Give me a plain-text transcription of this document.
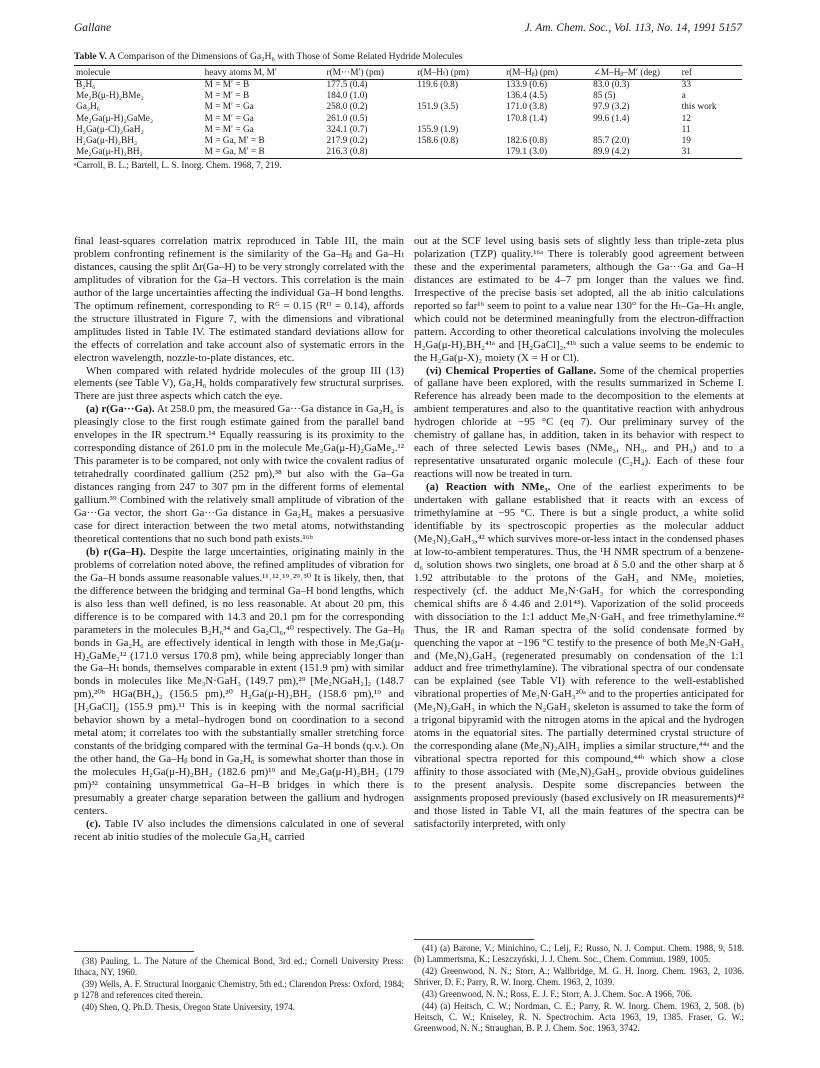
Gallane	J. Am. Chem. Soc., Vol. 113, No. 14, 1991 5157
Table V. A Comparison of the Dimensions of Ga₂H₆ with Those of Some Related Hydride Molecules
molecule	heavy atoms M, M′	r(M···M′) (pm)	r(M–Hₜ) (pm)	r(M–Hᵦ) (pm)	∠M–Hᵦ–M′ (deg)	ref
B₂H₆	M = M′ = B	177.5 (0.4)	119.6 (0.8)	133.9 (0.6)	83.0 (0.3)	33
Me₂B(μ-H)₂BMe₂	M = M′ = B	184.0 (1.0)		136.4 (4.5)	85 (5)	a
Ga₂H₆	M = M′ = Ga	258.0 (0.2)	151.9 (3.5)	171.0 (3.8)	97.9 (3.2)	this work
Me₂Ga(μ-H)₂GaMe₂	M = M′ = Ga	261.0 (0.5)		170.8 (1.4)	99.6 (1.4)	12
H₂Ga(μ-Cl)₂GaH₂	M = M′ = Ga	324.1 (0.7)	155.9 (1.9)			11
H₂Ga(μ-H)₂BH₂	M = Ga, M′ = B	217.9 (0.2)	158.6 (0.8)	182.6 (0.8)	85.7 (2.0)	19
Me₂Ga(μ-H)₂BH₂	M = Ga, M′ = B	216.3 (0.8)		179.1 (3.0)	89.9 (4.2)	31
ᵃCarroll, B. L.; Bartell, L. S. Inorg. Chem. 1968, 7, 219.

final least-squares correlation matrix reproduced in Table III, the main problem confronting refinement is the similarity of the Ga–Hᵦ and Ga–Hₜ distances, causing the split Δr(Ga–H) to be very strongly correlated with the amplitudes of vibration for the Ga–H vectors. This correlation is the main author of the large uncertainties affecting the individual Ga–H bond lengths. The optimum refinement, corresponding to Rᴳ = 0.15 (Rᴰ = 0.14), affords the structure illustrated in Figure 7, with the dimensions and vibrational amplitudes listed in Table IV. The estimated standard deviations allow for the effects of correlation and take account also of systematic errors in the electron wavelength, nozzle-to-plate distances, etc.

When compared with related hydride molecules of the group III (13) elements (see Table V), Ga₂H₆ holds comparatively few structural surprises. There are just three aspects which catch the eye.

(a) r(Ga···Ga). At 258.0 pm, the measured Ga···Ga distance in Ga₂H₆ is pleasingly close to the first rough estimate gained from the parallel band envelopes in the IR spectrum.¹⁴ Equally reassuring is its proximity to the corresponding distance of 261.0 pm in the molecule Me₂Ga(μ-H)₂GaMe₂.¹² This parameter is to be compared, not only with twice the covalent radius of tetrahedrally coordinated gallium (252 pm),³⁸ but also with the Ga–Ga distances ranging from 247 to 307 pm in the different forms of elemental gallium.³⁹ Combined with the relatively small amplitude of vibration of the Ga···Ga vector, the short Ga···Ga distance in Ga₂H₆ makes a persuasive case for direct interaction between the two metal atoms, notwithstanding theoretical contentions that no such bond path exists.¹⁶ᵇ

(b) r(Ga–H). Despite the large uncertainties, originating mainly in the problems of correlation noted above, the refined amplitudes of vibration for the Ga–H bonds assume reasonable values.¹¹˒¹²˒¹⁹˒²⁹˒³⁰ It is likely, then, that the difference between the bridging and terminal Ga–H bond lengths, which is also less than well defined, is no less reasonable. At about 20 pm, this difference is to be compared with 14.3 and 20.1 pm for the corresponding parameters in the molecules B₂H₆³⁴ and Ga₂Cl₆,⁴⁰ respectively. The Ga–Hᵦ bonds in Ga₂H₆ are effectively identical in length with those in Me₂Ga(μ-H)₂GaMe₂¹² (171.0 versus 170.8 pm), while being appreciably longer than the Ga–Hₜ bonds, themselves comparable in extent (151.9 pm) with similar bonds in molecules like Me₃N·GaH₃ (149.7 pm),²⁹ [Me₂NGaH₂]₂ (148.7 pm),²⁰ᵇ HGa(BH₄)₂ (156.5 pm),³⁰ H₂Ga(μ-H)₂BH₂ (158.6 pm),¹⁹ and [H₂GaCl]₂ (155.9 pm).¹¹ This is in keeping with the normal sacrificial behavior shown by a metal–hydrogen bond on coordination to a second metal atom; it correlates too with the substantially smaller stretching force constants of the bridging compared with the terminal Ga–H bonds (q.v.). On the other hand, the Ga–Hᵦ bond in Ga₂H₆ is somewhat shorter than those in the molecules H₂Ga(μ-H)₂BH₂ (182.6 pm)¹⁹ and Me₂Ga(μ-H)₂BH₂ (179 pm)³² containing unsymmetrical Ga–H–B bridges in which there is presumably a greater charge separation between the gallium and hydrogen centers.

(c). Table IV also includes the dimensions calculated in one of several recent ab initio studies of the molecule Ga₂H₆ carried

out at the SCF level using basis sets of slightly less than triple-zeta plus polarization (TZP) quality.¹⁶ᵃ There is tolerably good agreement between these and the experimental parameters, although the Ga···Ga and Ga–H distances are estimated to be 4–7 pm longer than the values we find. Irrespective of the precise basis set adopted, all the ab initio calculations reported so far¹⁶ seem to point to a value near 130° for the Hₜ–Ga–Hₜ angle, which could not be determined meaningfully from the electron-diffraction pattern. According to other theoretical calculations involving the molecules H₂Ga(μ-H)₂BH₂⁴¹ᵃ and [H₂GaCl]₂,⁴¹ᵇ such a value seems to be endemic to the H₂Ga(μ-X)₂ moiety (X = H or Cl).

(vi) Chemical Properties of Gallane. Some of the chemical properties of gallane have been explored, with the results summarized in Scheme I. Reference has already been made to the decomposition to the elements at ambient temperatures and also to the quantitative reaction with anhydrous hydrogen chloride at −95 °C (eq 7). Our preliminary survey of the chemistry of gallane has, in addition, taken in its behavior with respect to each of three selected Lewis bases (NMe₃, NH₃, and PH₃) and to a representative unsaturated organic molecule (C₂H₄). Each of these four reactions will now be treated in turn.

(a) Reaction with NMe₃. One of the earliest experiments to be undertaken with gallane established that it reacts with an excess of trimethylamine at −95 °C. There is but a single product, a white solid identifiable by its spectroscopic properties as the molecular adduct (Me₃N)₂GaH₃,⁴² which survives more-or-less intact in the condensed phases at low-to-ambient temperatures. Thus, the ¹H NMR spectrum of a benzene-d₆ solution shows two singlets, one broad at δ 5.0 and the other sharp at δ 1.92 attributable to the protons of the GaH₃ and NMe₃ moieties, respectively (cf. the adduct Me₃N·GaH₃ for which the corresponding chemical shifts are δ 4.46 and 2.01⁴³). Vaporization of the solid proceeds with dissociation to the 1:1 adduct Me₃N·GaH₃ and free trimethylamine.⁴² Thus, the IR and Raman spectra of the solid condensate formed by quenching the vapor at −196 °C testify to the presence of both Me₃N·GaH₃ and (Me₃N)₂GaH₃ (regenerated presumably on condensation of the 1:1 adduct and free trimethylamine). The vibrational spectra of our condensate can be explained (see Table VI) with reference to the well-established vibrational properties of Me₃N·GaH₃²⁰ᵃ and to the properties anticipated for (Me₃N)₂GaH₃ in which the N₂GaH₃ skeleton is assumed to take the form of a trigonal bipyramid with the nitrogen atoms in the apical and the hydrogen atoms in the equatorial sites. The partially determined crystal structure of the corresponding alane (Me₃N)₂AlH₃ implies a similar structure,⁴⁴ᵃ and the vibrational spectra reported for this compound,⁴⁴ᵇ which show a close affinity to those associated with (Me₃N)₂GaH₃, provide obvious guidelines to the present analysis. Despite some discrepancies between the assignments proposed previously (based exclusively on IR measurements)⁴² and those listed in Table VI, all the main features of the spectra can be satisfactorily interpreted, with only

(38) Pauling, L. The Nature of the Chemical Bond, 3rd ed.; Cornell University Press: Ithaca, NY, 1960.

(39) Wells, A. F. Structural Inorganic Chemistry, 5th ed.; Clarendon Press: Oxford, 1984; p 1278 and references cited therein.

(40) Shen, Q. Ph.D. Thesis, Oregon State University, 1974.

(41) (a) Barone, V.; Minichino, C.; Lelj, F.; Russo, N. J. Comput. Chem. 1988, 9, 518. (b) Lammertsma, K.; Leszczyński, J. J. Chem. Soc., Chem. Commun. 1989, 1005.

(42) Greenwood, N. N.; Storr, A.; Wallbridge, M. G. H. Inorg. Chem. 1963, 2, 1036. Shriver, D. F.; Parry, R. W. Inorg. Chem. 1963, 2, 1039.

(43) Greenwood, N. N.; Ross, E. J. F.; Storr, A. J. Chem. Soc. A 1966, 706.

(44) (a) Heitsch, C. W.; Nordman, C. E.; Parry, R. W. Inorg. Chem. 1963, 2, 508. (b) Heitsch, C. W.; Kniseley, R. N. Spectrochim. Acta 1963, 19, 1385. Fraser, G. W.; Greenwood, N. N.; Straughan, B. P. J. Chem. Soc. 1963, 3742.
